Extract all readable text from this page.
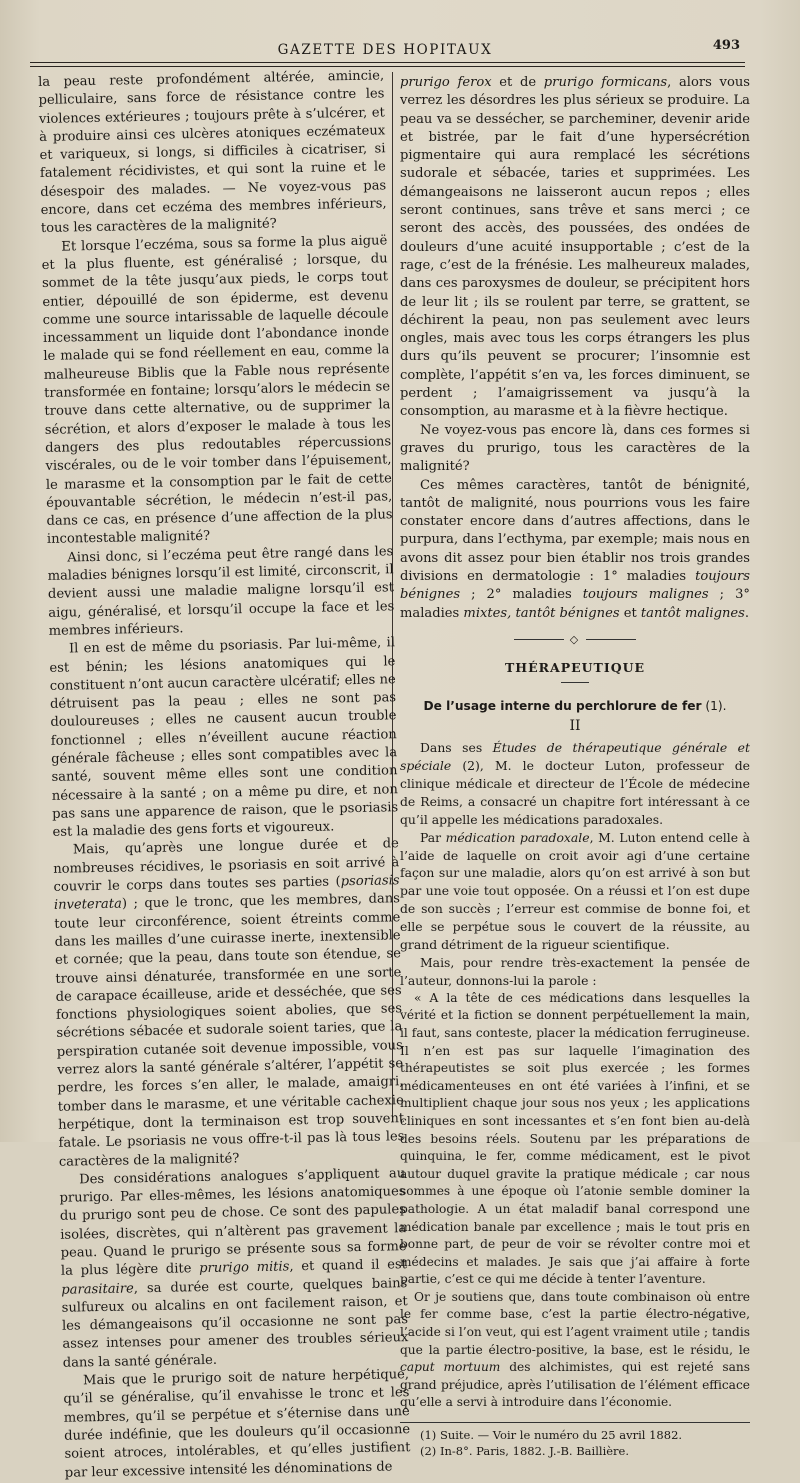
GAZETTE DES HOPITAUX	493

la peau reste profondément altérée, amincie, pelliculaire, sans force de résistance contre les violences extérieures ; toujours prête à s’ulcérer, et à produire ainsi ces ulcères atoniques eczémateux et variqueux, si longs, si difficiles à cicatriser, si fatalement récidivistes, et qui sont la ruine et le désespoir des malades. — Ne voyez-vous pas encore, dans cet eczéma des membres inférieurs, tous les caractères de la malignité?

Et lorsque l’eczéma, sous sa forme la plus aiguë et la plus fluente, est généralisé ; lorsque, du sommet de la tête jusqu’aux pieds, le corps tout entier, dépouillé de son épiderme, est devenu comme une source intarissable de laquelle découle incessamment un liquide dont l’abondance inonde le malade qui se fond réellement en eau, comme la malheureuse Biblis que la Fable nous représente transformée en fontaine; lorsqu’alors le médecin se trouve dans cette alternative, ou de supprimer la sécrétion, et alors d’exposer le malade à tous les dangers des plus redoutables répercussions viscérales, ou de le voir tomber dans l’épuisement, le marasme et la consomption par le fait de cette épouvantable sécrétion, le médecin n’est-il pas, dans ce cas, en présence d’une affection de la plus incontestable malignité?

Ainsi donc, si l’eczéma peut être rangé dans les maladies bénignes lorsqu’il est limité, circonscrit, il devient aussi une maladie maligne lorsqu’il est aigu, généralisé, et lorsqu’il occupe la face et les membres inférieurs.

Il en est de même du psoriasis. Par lui-même, il est bénin; les lésions anatomiques qui le constituent n’ont aucun caractère ulcératif; elles ne détruisent pas la peau ; elles ne sont pas douloureuses ; elles ne causent aucun trouble fonctionnel ; elles n’éveillent aucune réaction générale fâcheuse ; elles sont compatibles avec la santé, souvent même elles sont une condition nécessaire à la santé ; on a même pu dire, et non pas sans une apparence de raison, que le psoriasis est la maladie des gens forts et vigoureux.

Mais, qu’après une longue durée et de nombreuses récidives, le psoriasis en soit arrivé à couvrir le corps dans toutes ses parties (psoriasis inveterata) ; que le tronc, que les membres, dans toute leur circonférence, soient étreints comme dans les mailles d’une cuirasse inerte, inextensible et cornée; que la peau, dans toute son étendue, se trouve ainsi dénaturée, transformée en une sorte de carapace écailleuse, aride et desséchée, que ses fonctions physiologiques soient abolies, que ses sécrétions sébacée et sudorale soient taries, que la perspiration cutanée soit devenue impossible, vous verrez alors la santé générale s’altérer, l’appétit se perdre, les forces s’en aller, le malade, amaigri, tomber dans le marasme, et une véritable cachexie herpétique, dont la terminaison est trop souvent fatale. Le psoriasis ne vous offre-t-il pas là tous les caractères de la malignité?

Des considérations analogues s’appliquent au prurigo. Par elles-mêmes, les lésions anatomiques du prurigo sont peu de chose. Ce sont des papules isolées, discrètes, qui n’altèrent pas gravement la peau. Quand le prurigo se présente sous sa forme la plus légère dite prurigo mitis, et quand il est parasitaire, sa durée est courte, quelques bains sulfureux ou alcalins en ont facilement raison, et les démangeaisons qu’il occasionne ne sont pas assez intenses pour amener des troubles sérieux dans la santé générale.

Mais que le prurigo soit de nature herpétique, qu’il se généralise, qu’il envahisse le tronc et les membres, qu’il se perpétue et s’éternise dans une durée indéfinie, que les douleurs qu’il occasionne soient atroces, intolérables, et qu’elles justifient par leur excessive intensité les dénominations de

prurigo ferox et de prurigo formicans, alors vous verrez les désordres les plus sérieux se produire. La peau va se dessécher, se parcheminer, devenir aride et bistrée, par le fait d’une hypersécrétion pigmentaire qui aura remplacé les sécrétions sudorale et sébacée, taries et supprimées. Les démangeaisons ne laisseront aucun repos ; elles seront continues, sans trêve et sans merci ; ce seront des accès, des poussées, des ondées de douleurs d’une acuité insupportable ; c’est de la rage, c’est de la frénésie. Les malheureux malades, dans ces paroxysmes de douleur, se précipitent hors de leur lit ; ils se roulent par terre, se grattent, se déchirent la peau, non pas seulement avec leurs ongles, mais avec tous les corps étrangers les plus durs qu’ils peuvent se procurer; l’insomnie est complète, l’appétit s’en va, les forces diminuent, se perdent ; l’amaigrissement va jusqu’à la consomption, au marasme et à la fièvre hectique.

Ne voyez-vous pas encore là, dans ces formes si graves du prurigo, tous les caractères de la malignité?

Ces mêmes caractères, tantôt de bénignité, tantôt de malignité, nous pourrions vous les faire constater encore dans d’autres affections, dans le purpura, dans l’ecthyma, par exemple; mais nous en avons dit assez pour bien établir nos trois grandes divisions en dermatologie : 1° maladies toujours bénignes ; 2° maladies toujours malignes ; 3° maladies mixtes, tantôt bénignes et tantôt malignes.

◇
THÉRAPEUTIQUE
De l’usage interne du perchlorure de fer (1).
II

Dans ses Études de thérapeutique générale et spéciale (2), M. le docteur Luton, professeur de clinique médicale et directeur de l’École de médecine de Reims, a consacré un chapitre fort intéressant à ce qu’il appelle les médications paradoxales.

Par médication paradoxale, M. Luton entend celle à l’aide de laquelle on croit avoir agi d’une certaine façon sur une maladie, alors qu’on est arrivé à son but par une voie tout opposée. On a réussi et l’on est dupe de son succès ; l’erreur est commise de bonne foi, et elle se perpétue sous le couvert de la réussite, au grand détriment de la rigueur scientifique.

Mais, pour rendre très-exactement la pensée de l’auteur, donnons-lui la parole :

« A la tête de ces médications dans lesquelles la vérité et la fiction se donnent perpétuellement la main, il faut, sans conteste, placer la médication ferrugineuse. Il n’en est pas sur laquelle l’imagination des thérapeutistes se soit plus exercée ; les formes médicamenteuses en ont été variées à l’infini, et se multiplient chaque jour sous nos yeux ; les applications cliniques en sont incessantes et s’en font bien au-delà des besoins réels. Soutenu par les préparations de quinquina, le fer, comme médicament, est le pivot autour duquel gravite la pratique médicale ; car nous sommes à une époque où l’atonie semble dominer la pathologie. A un état maladif banal correspond une médication banale par excellence ; mais le tout pris en bonne part, de peur de voir se révolter contre moi et médecins et malades. Je sais que j’ai affaire à forte partie, c’est ce qui me décide à tenter l’aventure.

Or je soutiens que, dans toute combinaison où entre le fer comme base, c’est la partie électro-négative, l’acide si l’on veut, qui est l’agent vraiment utile ; tandis que la partie électro-positive, la base, est le résidu, le caput mortuum des alchimistes, qui est rejeté sans grand préjudice, après l’utilisation de l’élément efficace qu’elle a servi à introduire dans l’économie.

(1) Suite. — Voir le numéro du 25 avril 1882.

(2) In-8°. Paris, 1882. J.-B. Baillière.
